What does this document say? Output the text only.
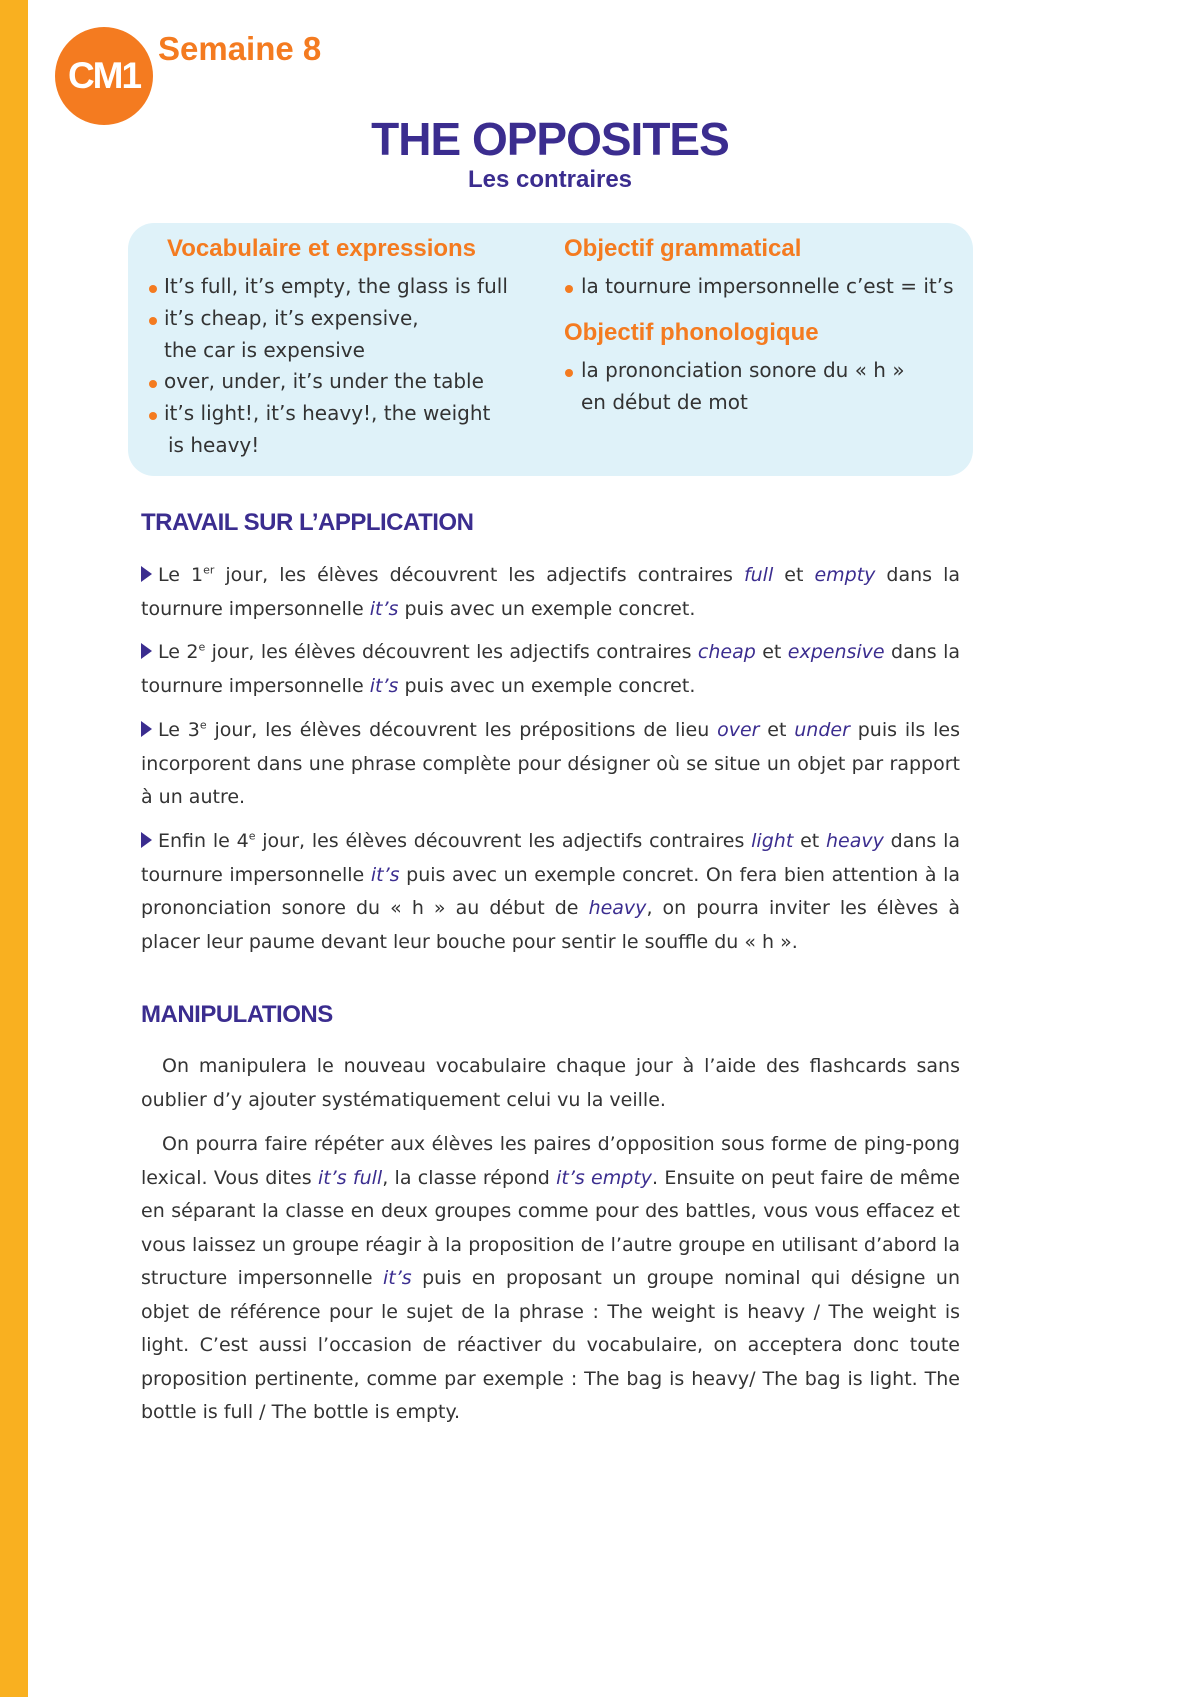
CM1
Semaine 8
THE OPPOSITES
Les contraires
Vocabulaire et expressions
It’s full, it’s empty, the glass is full
it’s cheap, it’s expensive,
the car is expensive
over, under, it’s under the table
it’s light!, it’s heavy!, the weight
is heavy!
Objectif grammatical
la tournure impersonnelle c’est = it’s
Objectif phonologique
la prononciation sonore du « h »
en début de mot
TRAVAIL SUR L’APPLICATION

Le 1er jour, les élèves découvrent les adjectifs contraires full et empty dans la tournure impersonnelle it’s puis avec un exemple concret.

Le 2e jour, les élèves découvrent les adjectifs contraires cheap et expensive dans la tournure impersonnelle it’s puis avec un exemple concret.

Le 3e jour, les élèves découvrent les prépositions de lieu over et under puis ils les incorporent dans une phrase complète pour désigner où se situe un objet par rapport à un autre.

Enfin le 4e jour, les élèves découvrent les adjectifs contraires light et heavy dans la tournure impersonnelle it’s puis avec un exemple concret. On fera bien attention à la prononciation sonore du « h » au début de heavy, on pourra inviter les élèves à placer leur paume devant leur bouche pour sentir le souffle du « h ».

MANIPULATIONS

On manipulera le nouveau vocabulaire chaque jour à l’aide des flashcards sans oublier d’y ajouter systématiquement celui vu la veille.

On pourra faire répéter aux élèves les paires d’opposition sous forme de ping-pong lexical. Vous dites it’s full, la classe répond it’s empty. Ensuite on peut faire de même en séparant la classe en deux groupes comme pour des battles, vous vous effacez et vous laissez un groupe réagir à la proposition de l’autre groupe en utilisant d’abord la structure impersonnelle it’s puis en proposant un groupe nominal qui désigne un objet de référence pour le sujet de la phrase : The weight is heavy / The weight is light. C’est aussi l’occasion de réactiver du vocabulaire, on acceptera donc toute proposition pertinente, comme par exemple : The bag is heavy/ The bag is light. The bottle is full / The bottle is empty.
